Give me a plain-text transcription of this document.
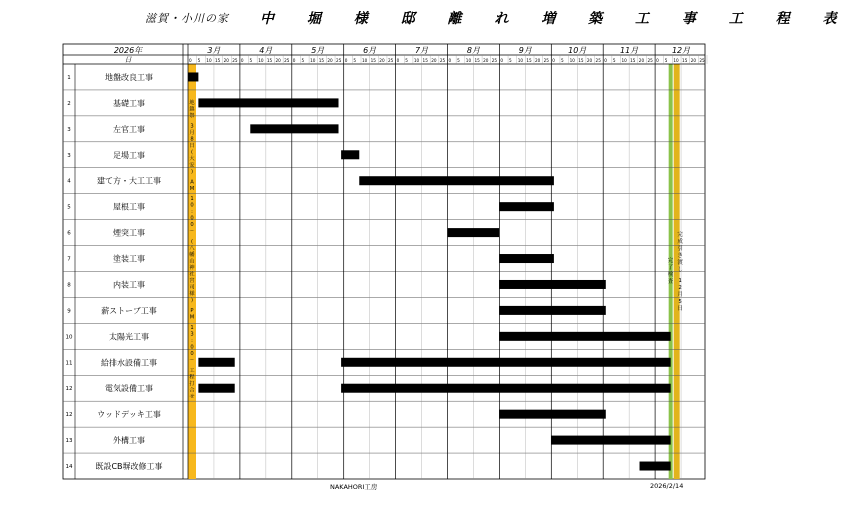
滋賀・小川の家 中 堀 様 邸 離 れ 増 築 工 事 工 程 表
3月
0 5 10 15 20 25
4月
0 5 10 15 20 25
5月
0 5 10 15 20 25
6月
0 5 10 15 20 25
7月
0 5 10 15 20 25
8月
0 5 10 15 20 25
9月
0 5 10 15 20 25
10月
0 5 10 15 20 25
11月
0 5 10 15 20 25
12月
0 5 10 15 20 25
2026年
日
1	地盤改良工事
2	基礎工事
3	左官工事
3	足場工事
4	建て方・大工工事
5	屋根工事
6	煙突工事
7	塗装工事
8	内装工事
9	薪ストーブ工事
10	太陽光工事
11	給排水設備工事
12	電気設備工事
12	ウッドデッキ工事
13	外構工事
14	既設CB塀改修工事
地鎮祭 3 月 8 日(大安) A M 1 0 : 0 0 〜(八幡山神社宮司様) P M 1 3 : 0 0 〜工程打合せ
完了検査
完成引き渡し 1 2 月 5 日
NAKAHORI工房	2026/2/14
